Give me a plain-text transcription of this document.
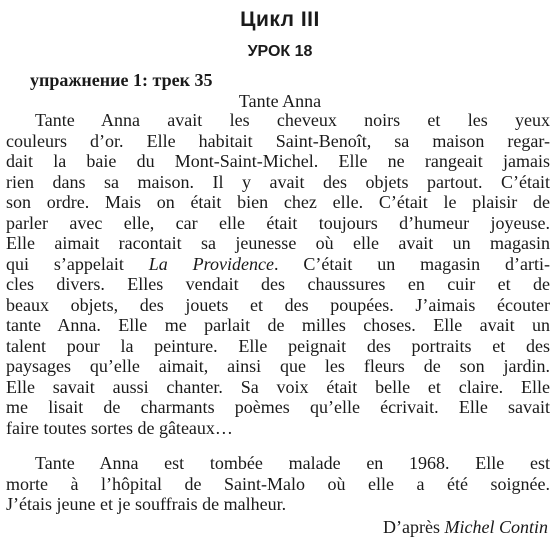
Цикл III
УРОК 18
упражнение 1: трек 35
Tante Anna
Tante Anna avait les cheveux noirs et les yeux
couleurs d’or. Elle habitait Saint-Benoît, sa maison regar-
dait la baie du Mont-Saint-Michel. Elle ne rangeait jamais
rien dans sa maison. Il y avait des objets partout. C’était
son ordre. Mais on était bien chez elle. C’était le plaisir de
parler avec elle, car elle était toujours d’humeur joyeuse.
Elle aimait racontait sa jeunesse où elle avait un magasin
qui s’appelait La Providence. C’était un magasin d’arti-
cles divers. Elles vendait des chaussures en cuir et de
beaux objets, des jouets et des poupées. J’aimais écouter
tante Anna. Elle me parlait de milles choses. Elle avait un
talent pour la peinture. Elle peignait des portraits et des
paysages qu’elle aimait, ainsi que les fleurs de son jardin.
Elle savait aussi chanter. Sa voix était belle et claire. Elle
me lisait de charmants poèmes qu’elle écrivait. Elle savait
faire toutes sortes de gâteaux…
Tante Anna est tombée malade en 1968. Elle est
morte à l’hôpital de Saint-Malo où elle a été soignée.
J’étais jeune et je souffrais de malheur.
D’après Michel Contin
